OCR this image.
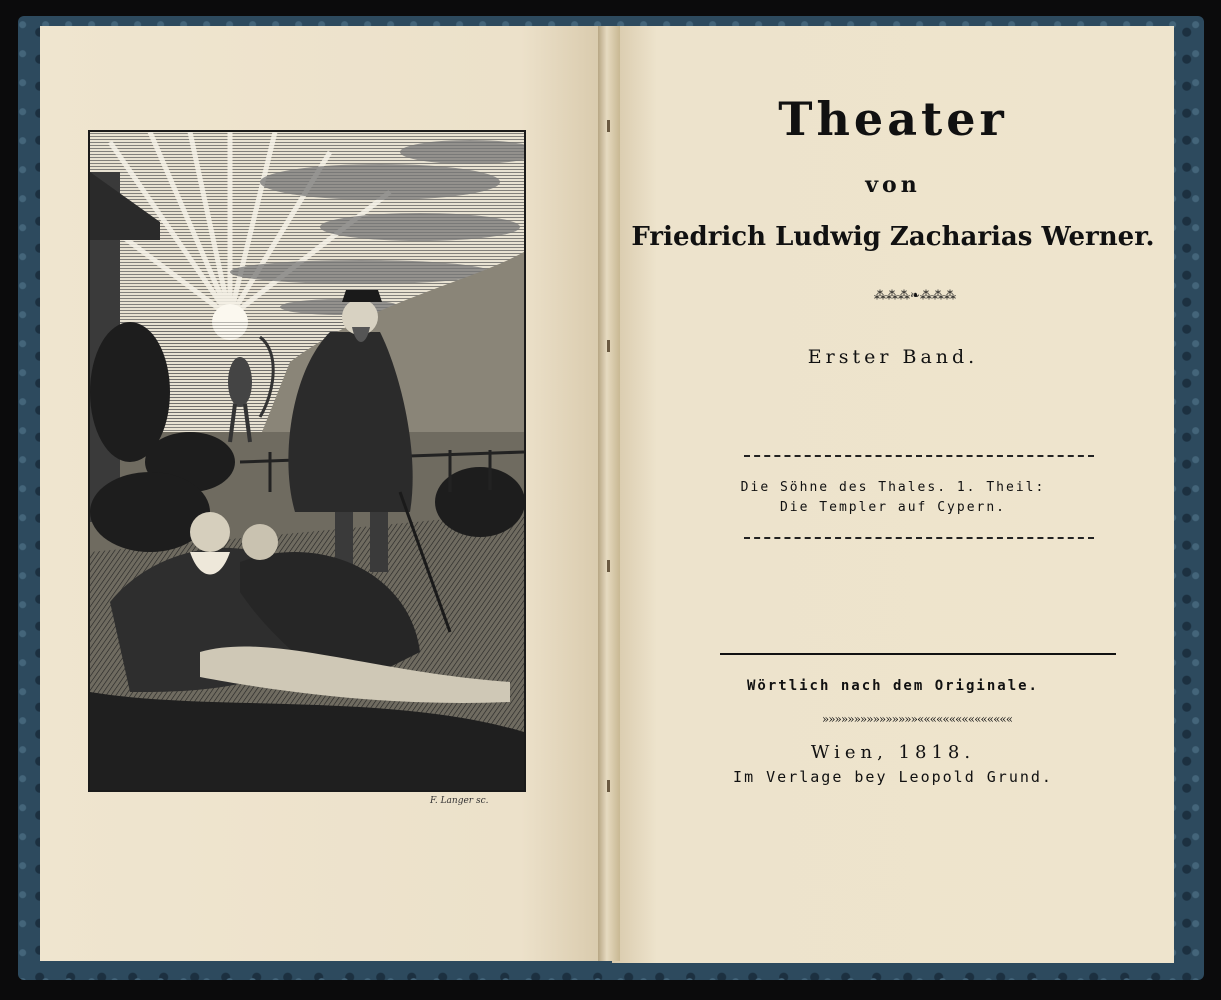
F. Langer sc.
Theater
von
Friedrich Ludwig Zacharias Werner.
⁂⁂⁂❧⁂⁂⁂
Erster Band.
Die Söhne des Thales. 1. Theil:
Die Templer auf Cypern.
Wörtlich nach dem Originale.
»»»»»»»»»»»»»»»«««««««««««««««
Wien, 1818.
Im Verlage bey Leopold Grund.
